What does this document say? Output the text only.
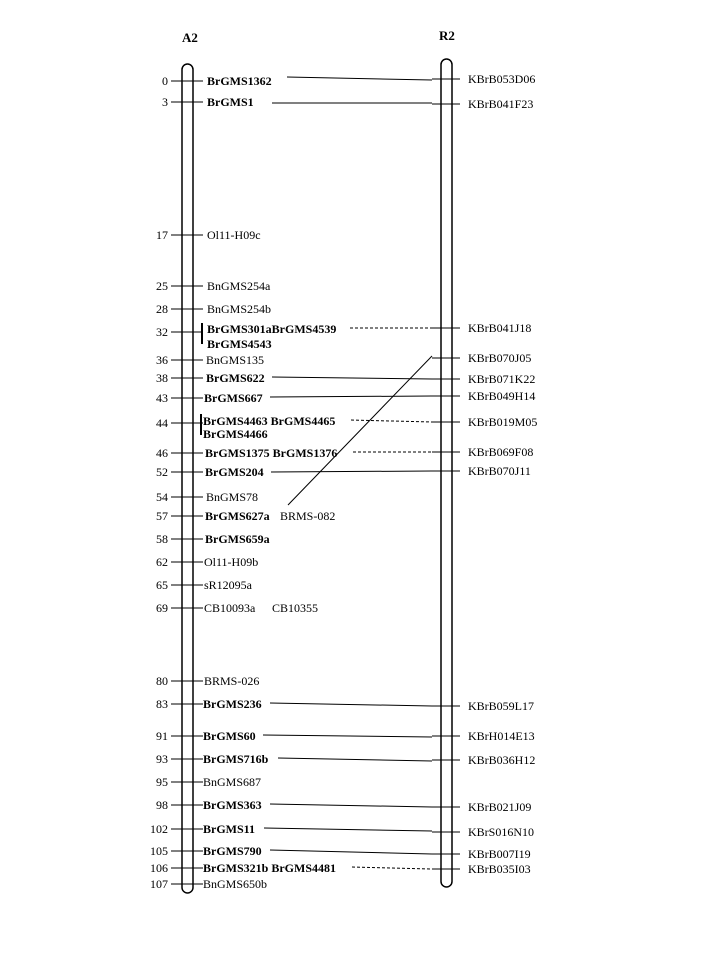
A2	R2
0	BrGMS1362
3	BrGMS1
17	Ol11-H09c
25	BnGMS254a
28	BnGMS254b
32	BrGMS301aBrGMS4539
BrGMS4543
36	BnGMS135
38	BrGMS622
43	BrGMS667
44	BrGMS4463 BrGMS4465
BrGMS4466
46	BrGMS1375 BrGMS1376
52	BrGMS204
54	BnGMS78
57	BrGMS627a BRMS-082
58	BrGMS659a
62	Ol11-H09b
65	sR12095a
69	CB10093a CB10355
80	BRMS-026
83	BrGMS236
91	BrGMS60
93	BrGMS716b
95	BnGMS687
98	BrGMS363
102	BrGMS11
105	BrGMS790
106	BrGMS321b BrGMS4481
107	BnGMS650b
KBrB053D06
KBrB041F23
KBrB041J18
KBrB070J05
KBrB071K22
KBrB049H14
KBrB019M05
KBrB069F08
KBrB070J11
KBrB059L17
KBrH014E13
KBrB036H12
KBrB021J09
KBrS016N10
KBrB007I19
KBrB035I03
